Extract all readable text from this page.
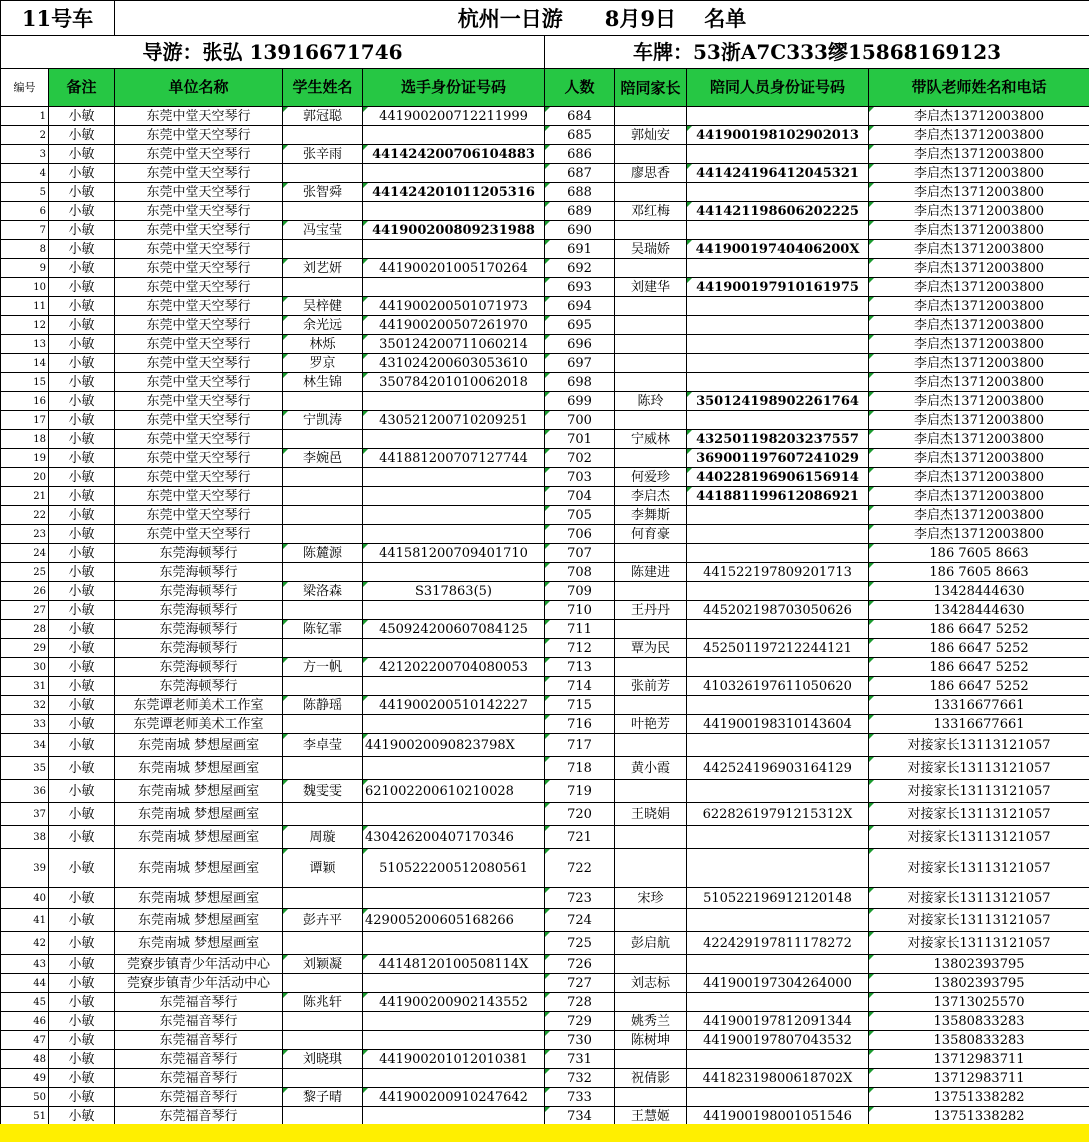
11号车		杭州一日游　　8月9日　 名单						
导游：张弘 13916671746					车牌：53浙A7C333缪15868169123			
编号	备注	单位名称	学生姓名	选手身份证号码	人数	陪同家长	陪同人员身份证号码	带队老师姓名和电话
1	小敏	东莞中堂天空琴行	郭冠聪	441900200712211999	684			李启杰13712003800
2	小敏	东莞中堂天空琴行			685	郭灿安	441900198102902013	李启杰13712003800
3	小敏	东莞中堂天空琴行	张辛雨	441424200706104883	686			李启杰13712003800
4	小敏	东莞中堂天空琴行			687	廖思香	441424196412045321	李启杰13712003800
5	小敏	东莞中堂天空琴行	张智舜	441424201011205316	688			李启杰13712003800
6	小敏	东莞中堂天空琴行			689	邓红梅	441421198606202225	李启杰13712003800
7	小敏	东莞中堂天空琴行	冯宝莹	441900200809231988	690			李启杰13712003800
8	小敏	东莞中堂天空琴行			691	吴瑞娇	44190019740406200X	李启杰13712003800
9	小敏	东莞中堂天空琴行	刘艺妍	441900201005170264	692			李启杰13712003800
10	小敏	东莞中堂天空琴行			693	刘建华	441900197910161975	李启杰13712003800
11	小敏	东莞中堂天空琴行	吴梓健	441900200501071973	694			李启杰13712003800
12	小敏	东莞中堂天空琴行	余光远	441900200507261970	695			李启杰13712003800
13	小敏	东莞中堂天空琴行	林烁	350124200711060214	696			李启杰13712003800
14	小敏	东莞中堂天空琴行	罗京	431024200603053610	697			李启杰13712003800
15	小敏	东莞中堂天空琴行	林生锦	350784201010062018	698			李启杰13712003800
16	小敏	东莞中堂天空琴行			699	陈玲	350124198902261764	李启杰13712003800
17	小敏	东莞中堂天空琴行	宁凯涛	430521200710209251	700			李启杰13712003800
18	小敏	东莞中堂天空琴行			701	宁威林	432501198203237557	李启杰13712003800
19	小敏	东莞中堂天空琴行	李婉邑	441881200707127744	702		369001197607241029	李启杰13712003800
20	小敏	东莞中堂天空琴行			703	何爱珍	440228196906156914	李启杰13712003800
21	小敏	东莞中堂天空琴行			704	李启杰	441881199612086921	李启杰13712003800
22	小敏	东莞中堂天空琴行			705	李舞斯		李启杰13712003800
23	小敏	东莞中堂天空琴行			706	何育豪		李启杰13712003800
24	小敏	东莞海顿琴行	陈麓源	441581200709401710	707			186 7605 8663
25	小敏	东莞海顿琴行			708	陈建进	441522197809201713	186 7605 8663
26	小敏	东莞海顿琴行	梁洛森	S317863(5)	709			13428444630
27	小敏	东莞海顿琴行			710	王丹丹	445202198703050626	13428444630
28	小敏	东莞海顿琴行	陈钇霏	450924200607084125	711			186 6647 5252
29	小敏	东莞海顿琴行			712	覃为民	452501197212244121	186 6647 5252
30	小敏	东莞海顿琴行	方一帆	421202200704080053	713			186 6647 5252
31	小敏	东莞海顿琴行			714	张前芳	410326197611050620	186 6647 5252
32	小敏	东莞谭老师美术工作室	陈静瑶	441900200510142227	715			13316677661
33	小敏	东莞谭老师美术工作室			716	叶艳芳	441900198310143604	13316677661
34	小敏	东莞南城 梦想屋画室	李卓莹	44190020090823798X	717			对接家长13113121057
35	小敏	东莞南城 梦想屋画室			718	黄小霞	442524196903164129	对接家长13113121057
36	小敏	东莞南城 梦想屋画室	魏雯雯	621002200610210028	719			对接家长13113121057
37	小敏	东莞南城 梦想屋画室			720	王晓娟	62282619791215312X	对接家长13113121057
38	小敏	东莞南城 梦想屋画室	周璇	430426200407170346	721			对接家长13113121057
39	小敏	东莞南城 梦想屋画室	谭颖	510522200512080561	722			对接家长13113121057
40	小敏	东莞南城 梦想屋画室			723	宋珍	510522196912120148	对接家长13113121057
41	小敏	东莞南城 梦想屋画室	彭卉平	429005200605168266	724			对接家长13113121057
42	小敏	东莞南城 梦想屋画室			725	彭启航	422429197811178272	对接家长13113121057
43	小敏	莞寮步镇青少年活动中心	刘颖凝	44148120100508114X	726			13802393795
44	小敏	莞寮步镇青少年活动中心			727	刘志标	441900197304264000	13802393795
45	小敏	东莞福音琴行	陈兆轩	441900200902143552	728			13713025570
46	小敏	东莞福音琴行			729	姚秀兰	441900197812091344	13580833283
47	小敏	东莞福音琴行			730	陈树坤	441900197807043532	13580833283
48	小敏	东莞福音琴行	刘晓琪	441900201012010381	731			13712983711
49	小敏	东莞福音琴行			732	祝倩影	44182319800618702X	13712983711
50	小敏	东莞福音琴行	黎子晴	441900200910247642	733			13751338282
51	小敏	东莞福音琴行			734	王慧姬	441900198001051546	13751338282
